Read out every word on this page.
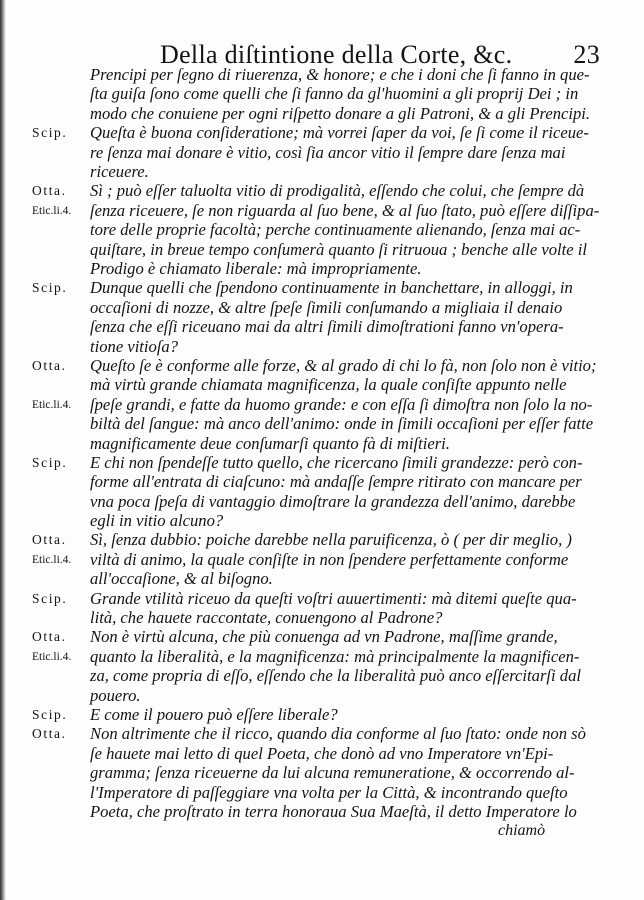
Della diſtintione della Corte, &c. 23
Scip.
Otta.
Etic.li.4.
Scip.
Otta.
Etic.li.4.
Scip.
Otta.
Etic.li.4.
Scip.
Otta.
Etic.li.4.
Scip.
Otta.
Prencipi per ſegno di riuerenza, & honore; e che i doni che ſi fanno in que-
ſta guiſa ſono come quelli che ſi fanno da gl'huomini a gli proprij Dei ; in
modo che conuiene per ogni riſpetto donare a gli Patroni, & a gli Prencipi.
Queſta è buona conſideratione; mà vorrei ſaper da voi, ſe ſi come il riceue-
re ſenza mai donare è vitio, così ſia ancor vitio il ſempre dare ſenza mai
riceuere.
Sì ; può eſſer taluolta vitio di prodigalità, eſſendo che colui, che ſempre dà
ſenza riceuere, ſe non riguarda al ſuo bene, & al ſuo ſtato, può eſſere diſſipa-
tore delle proprie facoltà; perche continuamente alienando, ſenza mai ac-
quiſtare, in breue tempo conſumerà quanto ſi ritruoua ; benche alle volte il
Prodigo è chiamato liberale: mà impropriamente.
Dunque quelli che ſpendono continuamente in banchettare, in alloggi, in
occaſioni di nozze, & altre ſpeſe ſimili conſumando a migliaia il denaio
ſenza che eſſi riceuano mai da altri ſimili dimoſtrationi fanno vn'opera-
tione vitioſa?
Queſto ſe è conforme alle forze, & al grado di chi lo fà, non ſolo non è vitio;
mà virtù grande chiamata magnificenza, la quale conſiſte appunto nelle
ſpeſe grandi, e fatte da huomo grande: e con eſſa ſi dimoſtra non ſolo la no-
biltà del ſangue: mà anco dell'animo: onde in ſimili occaſioni per eſſer fatte
magnificamente deue conſumarſi quanto fà di miſtieri.
E chi non ſpendeſſe tutto quello, che ricercano ſimili grandezze: però con-
forme all'entrata di ciaſcuno: mà andaſſe ſempre ritirato con mancare per
vna poca ſpeſa di vantaggio dimoſtrare la grandezza dell'animo, darebbe
egli in vitio alcuno?
Sì, ſenza dubbio: poiche darebbe nella paruificenza, ò ( per dir meglio, )
viltà di animo, la quale conſiſte in non ſpendere perfettamente conforme
all'occaſione, & al biſogno.
Grande vtilità riceuo da queſti voſtri auuertimenti: mà ditemi queſte qua-
lità, che hauete raccontate, conuengono al Padrone?
Non è virtù alcuna, che più conuenga ad vn Padrone, maſſime grande,
quanto la liberalità, e la magnificenza: mà principalmente la magnificen-
za, come propria di eſſo, eſſendo che la liberalità può anco eſſercitarſi dal
pouero.
E come il pouero può eſſere liberale?
Non altrimente che il ricco, quando dia conforme al ſuo ſtato: onde non sò
ſe hauete mai letto di quel Poeta, che donò ad vno Imperatore vn'Epi-
gramma; ſenza riceuerne da lui alcuna remuneratione, & occorrendo al-
l'Imperatore di paſſeggiare vna volta per la Città, & incontrando queſto
Poeta, che proſtrato in terra honoraua Sua Maeſtà, il detto Imperatore lo
chiamò
